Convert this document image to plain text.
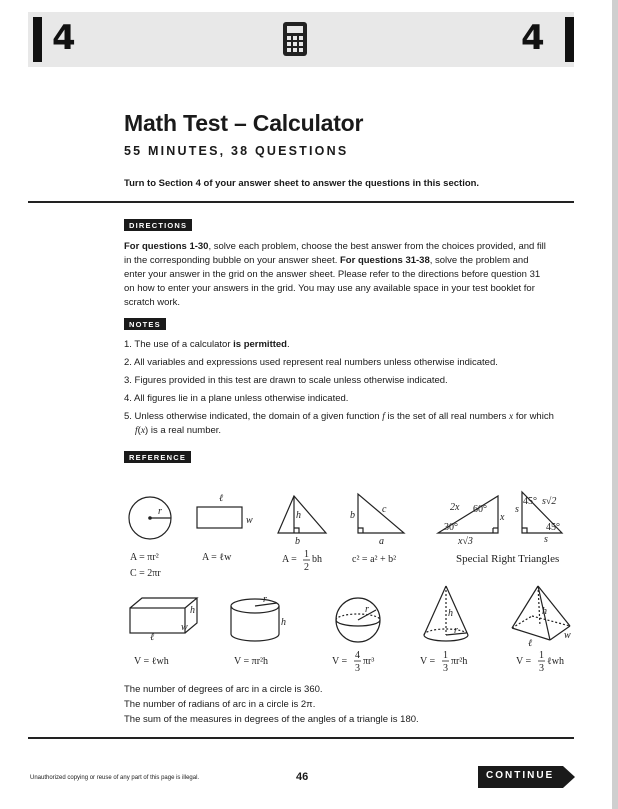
4	4
Math Test – Calculator
55 MINUTES, 38 QUESTIONS

Turn to Section 4 of your answer sheet to answer the questions in this section.

DIRECTIONS

For questions 1-30, solve each problem, choose the best answer from the choices provided, and fill in the corresponding bubble on your answer sheet. For questions 31-38, solve the problem and enter your answer in the grid on the answer sheet. Please refer to the directions before question 31 on how to enter your answers in the grid. You may use any available space in your test booklet for scratch work.

NOTES
1. The use of a calculator is permitted.
2. All variables and expressions used represent real numbers unless otherwise indicated.
3. Figures provided in this test are drawn to scale unless otherwise indicated.
4. All figures lie in a plane unless otherwise indicated.
5. Unless otherwise indicated, the domain of a given function f is the set of all real numbers x for which f(x) is a real number.
REFERENCE
r
A = πr²
C = 2πr
ℓ
w
A = ℓw
h
b
A = 1
2
bh
b
c
a
c² = a² + b²
2x 60°
30°
x
x√3
45° s√2
s
45°
s
Special Right Triangles
h
w
ℓ
V = ℓwh
r
h
V = πr²h
r
V =
4
3
πr³
h
r
V =
1
3
πr²h
h
w
ℓ
V =
1
3
ℓwh

The number of degrees of arc in a circle is 360.
The number of radians of arc in a circle is 2π.
The sum of the measures in degrees of the angles of a triangle is 180.

Unauthorized copying or reuse of any part of this page is illegal.	46	CONTINUE
